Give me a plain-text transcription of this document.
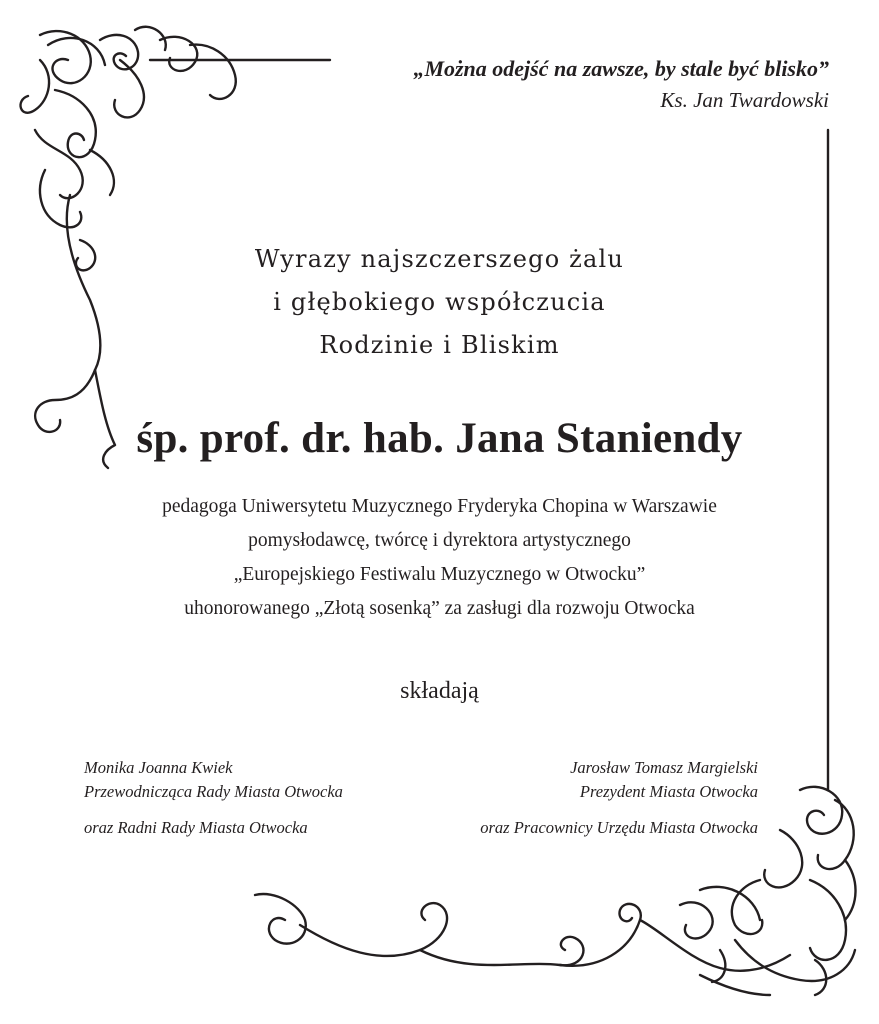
„Można odejść na zawsze, by stale być blisko”
Ks. Jan Twardowski
Wyrazy najszczerszego żalu
i głębokiego współczucia
Rodzinie i Bliskim
śp. prof. dr. hab. Jana Staniendy
pedagoga Uniwersytetu Muzycznego Fryderyka Chopina w Warszawie
pomysłodawcę, twórcę i dyrektora artystycznego
„Europejskiego Festiwalu Muzycznego w Otwocku”
uhonorowanego „Złotą sosenką” za zasługi dla rozwoju Otwocka
składają
Monika Joanna Kwiek
Przewodnicząca Rady Miasta Otwocka
oraz Radni Rady Miasta Otwocka
Jarosław Tomasz Margielski
Prezydent Miasta Otwocka
oraz Pracownicy Urzędu Miasta Otwocka
